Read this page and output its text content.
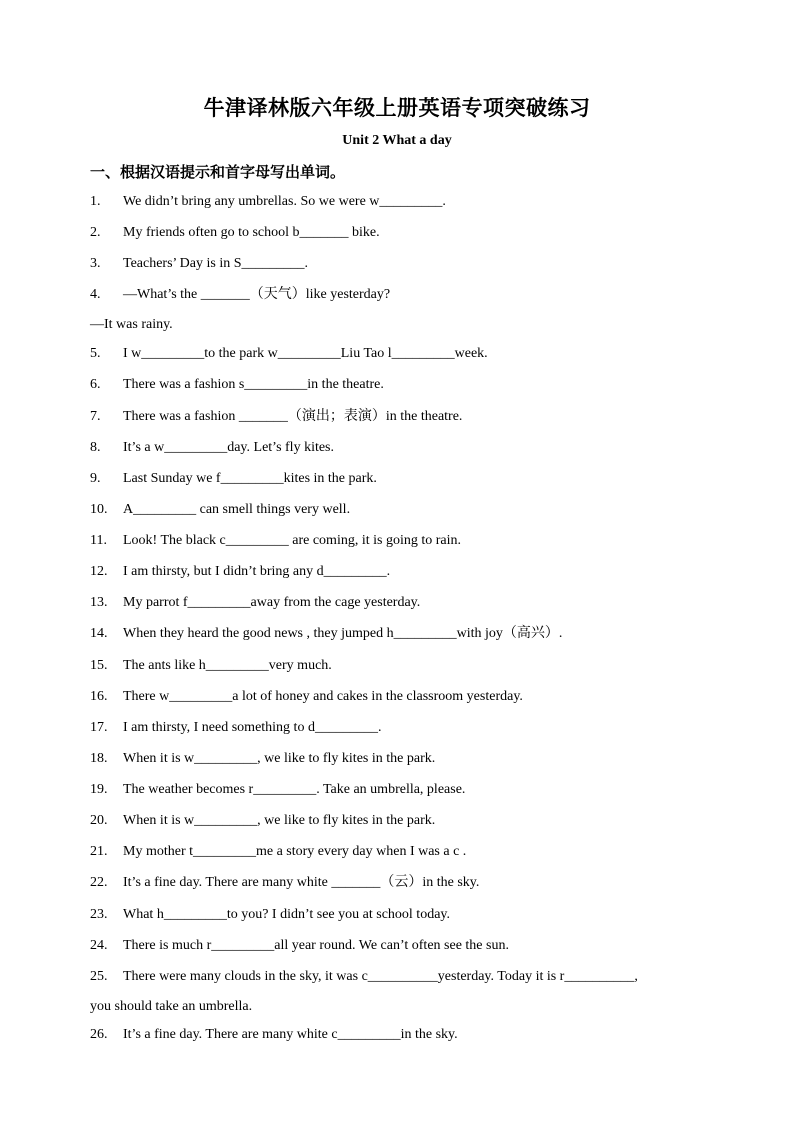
牛津译林版六年级上册英语专项突破练习
Unit 2 What a day
一、根据汉语提示和首字母写出单词。
1. We didn’t bring any umbrellas. So we were w_________.
2. My friends often go to school b_______ bike.
3. Teachers’ Day is in S_________.
4. —What’s the _______（天气）like yesterday?
—It was rainy.
5. I w_________to the park w_________Liu Tao l_________week.
6. There was a fashion s_________in the theatre.
7. There was a fashion _______（演出；表演）in the theatre.
8. It’s a w_________day. Let’s fly kites.
9. Last Sunday we f_________kites in the park.
10. A_________ can smell things very well.
11. Look! The black c_________ are coming, it is going to rain.
12. I am thirsty, but I didn’t bring any d_________.
13. My parrot f_________away from the cage yesterday.
14. When they heard the good news , they jumped h_________with joy（高兴）.
15. The ants like h_________very much.
16. There w_________a lot of honey and cakes in the classroom yesterday.
17. I am thirsty, I need something to d_________.
18. When it is w_________, we like to fly kites in the park.
19. The weather becomes r_________. Take an umbrella, please.
20. When it is w_________, we like to fly kites in the park.
21. My mother t_________me a story every day when I was a c .
22. It’s a fine day. There are many white _______（云）in the sky.
23. What h_________to you? I didn’t see you at school today.
24. There is much r_________all year round. We can’t often see the sun.
25. There were many clouds in the sky, it was c__________yesterday. Today it is r__________,
you should take an umbrella.
26. It’s a fine day. There are many white c_________in the sky.
